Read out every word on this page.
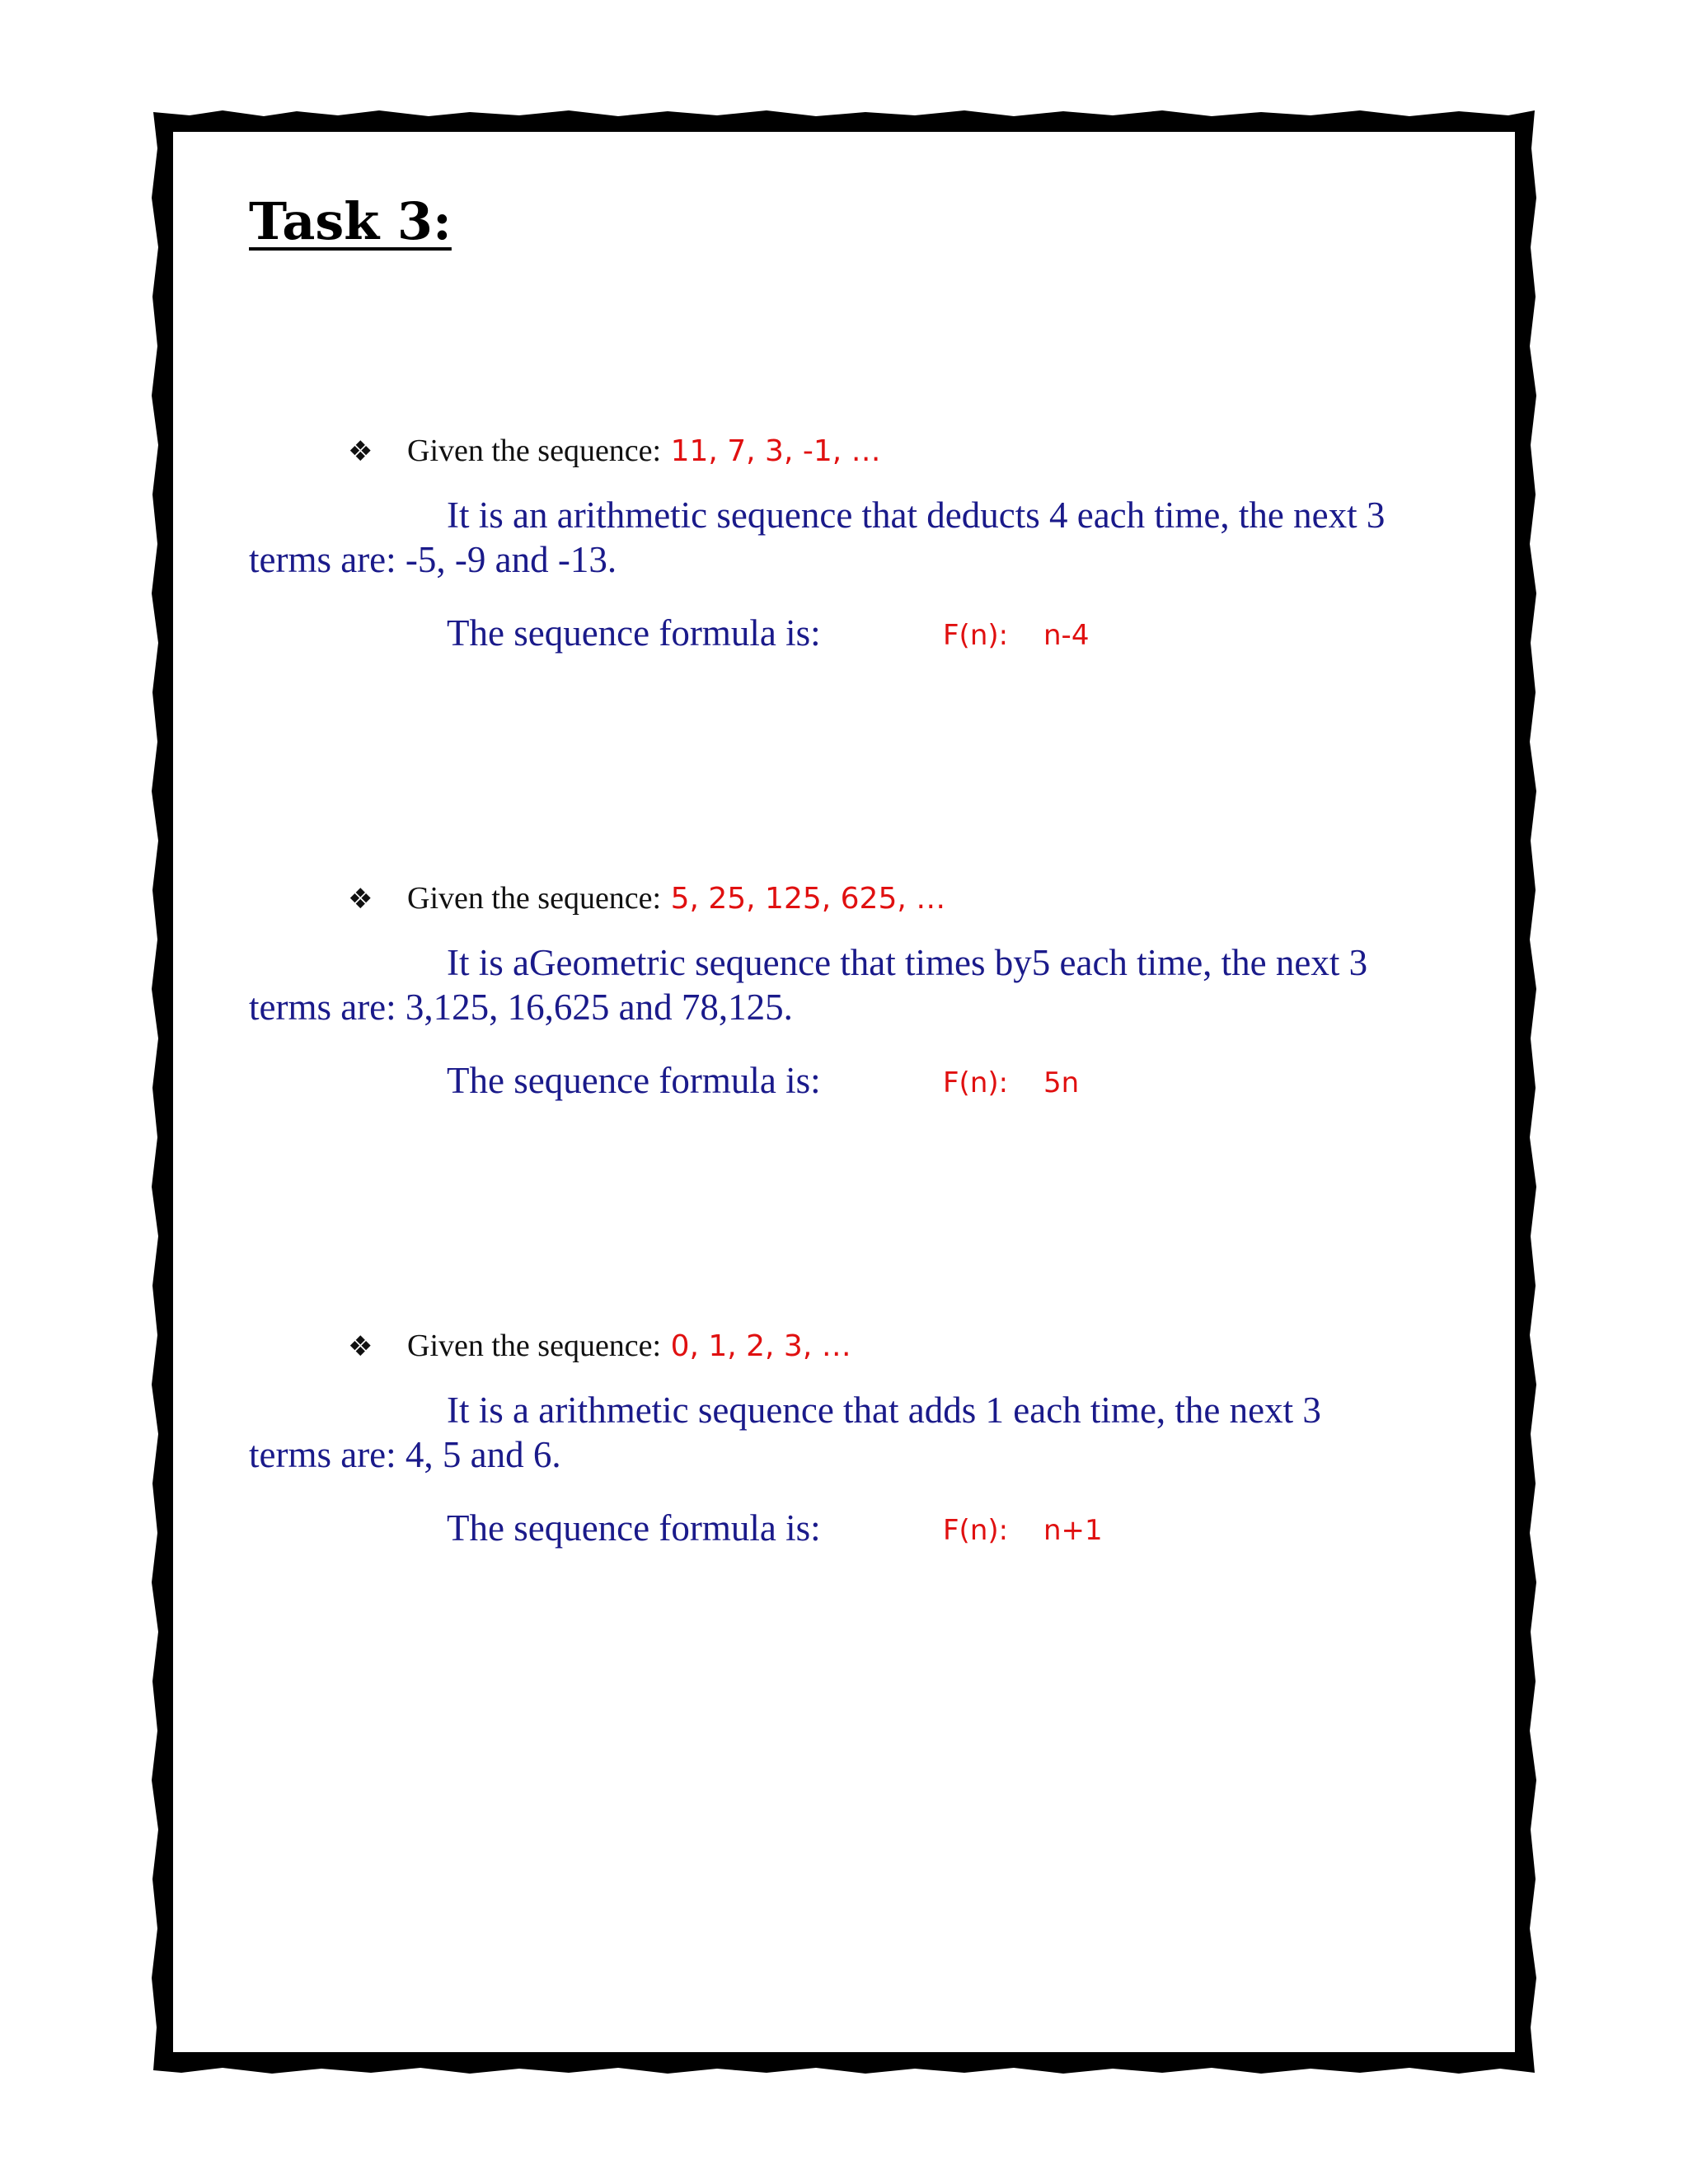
Task 3:
❖ Given the sequence: 11, 7, 3, -1, …
It is an arithmetic sequence that deducts 4 each time, the next 3
terms are: -5, -9 and -13.
The sequence formula is:	F(n): n-4
❖ Given the sequence: 5, 25, 125, 625, …
It is aGeometric sequence that times by5 each time, the next 3
terms are: 3,125, 16,625 and 78,125.
The sequence formula is:	F(n): 5n
❖ Given the sequence: 0, 1, 2, 3, …
It is a arithmetic sequence that adds 1 each time, the next 3
terms are: 4, 5 and 6.
The sequence formula is:	F(n): n+1
